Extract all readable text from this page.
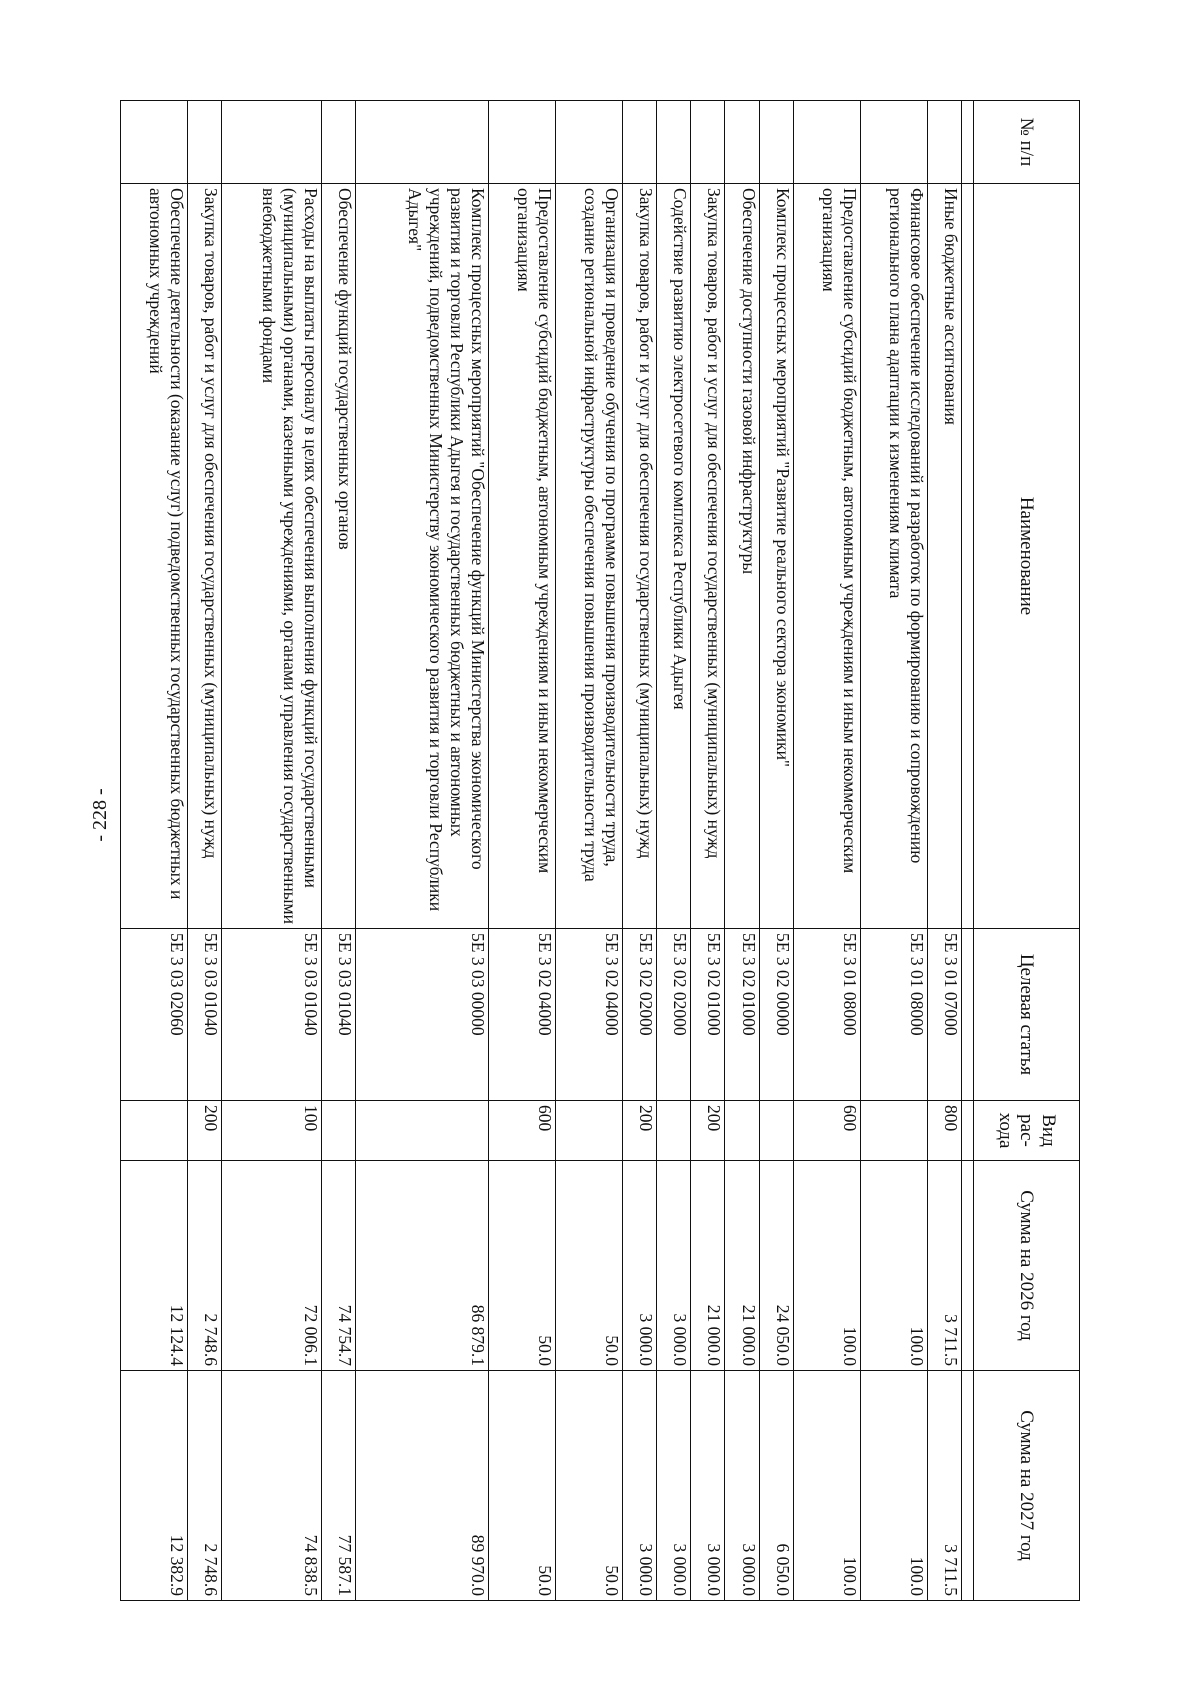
- 228 -
№ п/п	Наименование	Целевая статья	Вид рас-хода	Сумма на 2026 год	Сумма на 2027 год

	Иные бюджетные ассигнования	5Е 3 01 07000	800	3 711.5	3 711.5
	Финансовое обеспечение исследований и разработок по формированию и сопровождению регионального плана адаптации к изменениям климата	5Е 3 01 08000		100.0	100.0
	Предоставление субсидий бюджетным, автономным учреждениям и иным некоммерческим организациям	5Е 3 01 08000	600	100.0	100.0
	Комплекс процессных мероприятий "Развитие реального сектора экономики"	5Е 3 02 00000		24 050.0	6 050.0
	Обеспечение доступности газовой инфраструктуры	5Е 3 02 01000		21 000.0	3 000.0
	Закупка товаров, работ и услуг для обеспечения государственных (муниципальных) нужд	5Е 3 02 01000	200	21 000.0	3 000.0
	Содействие развитию электросетевого комплекса Республики Адыгея	5Е 3 02 02000		3 000.0	3 000.0
	Закупка товаров, работ и услуг для обеспечения государственных (муниципальных) нужд	5Е 3 02 02000	200	3 000.0	3 000.0
	Организация и проведение обучения по программе повышения производительности труда, создание региональной инфраструктуры обеспечения повышения производительности труда	5Е 3 02 04000		50.0	50.0
	Предоставление субсидий бюджетным, автономным учреждениям и иным некоммерческим организациям	5Е 3 02 04000	600	50.0	50.0
	Комплекс процессных мероприятий "Обеспечение функций Министерства экономического развития и торговли Республики Адыгея и государственных бюджетных и автономных учреждений, подведомственных Министерству экономического развития и торговли Республики Адыгея"	5Е 3 03 00000		86 879.1	89 970.0
	Обеспечение функций государственных органов	5Е 3 03 01040		74 754.7	77 587.1
	Расходы на выплаты персоналу в целях обеспечения выполнения функций государственными (муниципальными) органами, казенными учреждениями, органами управления государственными внебюджетными фондами	5Е 3 03 01040	100	72 006.1	74 838.5
	Закупка товаров, работ и услуг для обеспечения государственных (муниципальных) нужд	5Е 3 03 01040	200	2 748.6	2 748.6
	Обеспечение деятельности (оказание услуг) подведомственных государственных бюджетных и автономных учреждений	5Е 3 03 02060		12 124.4	12 382.9
